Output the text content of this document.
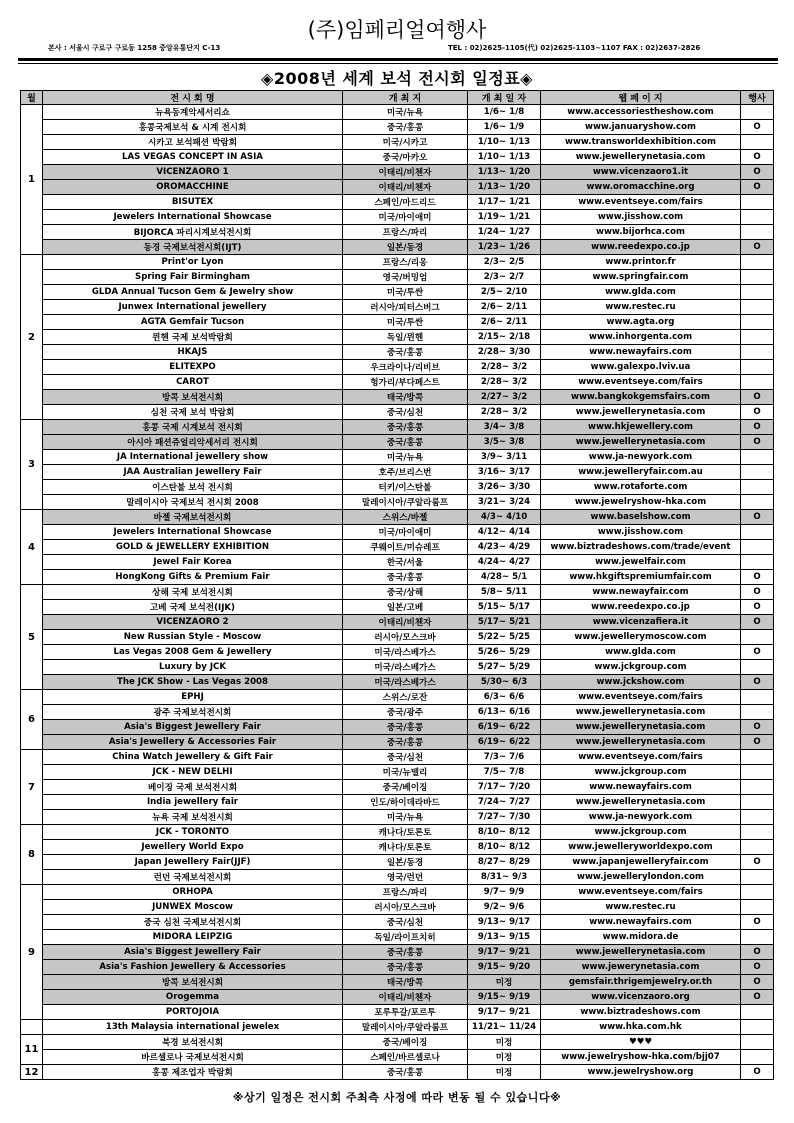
(주)임페리얼여행사
본사 : 서울시 구로구 구로동 1258 중앙유통단지 C-13	TEL : 02)2625-1105(代) 02)2625-1103~1107 FAX : 02)2637-2826
◈2008년 세계 보석 전시회 일정표◈
월	전 시 회 명	개 최 지	개 최 일 자	웹 페 이 지	행사
1	뉴욕동계악세서리쇼	미국/뉴욕	1/6~ 1/8	www.accessoriestheshow.com	
	홍콩국제보석 & 시계 전시회	중국/홍콩	1/6~ 1/9	www.januaryshow.com	O
	시카고 보석패션 박람회	미국/시카고	1/10~ 1/13	www.transworldexhibition.com	
	LAS VEGAS CONCEPT IN ASIA	중국/마카오	1/10~ 1/13	www.jewellerynetasia.com	O
	VICENZAORO 1	이태리/비첸자	1/13~ 1/20	www.vicenzaoro1.it	O
	OROMACCHINE	이태리/비첸자	1/13~ 1/20	www.oromacchine.org	O
	BISUTEX	스페인/마드리드	1/17~ 1/21	www.eventseye.com/fairs	
	Jewelers International Showcase	미국/마이애미	1/19~ 1/21	www.jisshow.com	
	BIJORCA 파리시계보석전시회	프랑스/파리	1/24~ 1/27	www.bijorhca.com	
	동경 국제보석전시회(IJT)	일본/동경	1/23~ 1/26	www.reedexpo.co.jp	O
2	Print'or Lyon	프랑스/리옹	2/3~ 2/5	www.printor.fr	
	Spring Fair Birmingham	영국/버밍엄	2/3~ 2/7	www.springfair.com	
	GLDA Annual Tucson Gem & Jewelry show	미국/투싼	2/5~ 2/10	www.glda.com	
	Junwex International jewellery	러시아/피터스버그	2/6~ 2/11	www.restec.ru	
	AGTA Gemfair Tucson	미국/투싼	2/6~ 2/11	www.agta.org	
	뮌헨 국제 보석박람회	독일/뮌헨	2/15~ 2/18	www.inhorgenta.com	
	HKAJS	중국/홍콩	2/28~ 3/30	www.newayfairs.com	
	ELITEXPO	우크라이나/리비브	2/28~ 3/2	www.galexpo.lviv.ua	
	CAROT	헝가리/부다페스트	2/28~ 3/2	www.eventseye.com/fairs	
	방콕 보석전시회	태국/방콕	2/27~ 3/2	www.bangkokgemsfairs.com	O
	심천 국제 보석 박람회	중국/심천	2/28~ 3/2	www.jewellerynetasia.com	O
3	홍콩 국제 시계보석 전시회	중국/홍콩	3/4~ 3/8	www.hkjewellery.com	O
	아시아 패션쥬얼리악세서리 전시회	중국/홍콩	3/5~ 3/8	www.jewellerynetasia.com	O
	JA International jewellery show	미국/뉴욕	3/9~ 3/11	www.ja-newyork.com	
	JAA Australian Jewellery Fair	호주/브리스번	3/16~ 3/17	www.jewelleryfair.com.au	
	이스탄불 보석 전시회	터키/이스탄불	3/26~ 3/30	www.rotaforte.com	
	말레이시아 국제보석 전시회 2008	말레이시아/쿠알라룸프	3/21~ 3/24	www.jewelryshow-hka.com	
4	바젤 국제보석전시회	스위스/바젤	4/3~ 4/10	www.baselshow.com	O
	Jewelers International Showcase	미국/마이애미	4/12~ 4/14	www.jisshow.com	
	GOLD & JEWELLERY EXHIBITION	쿠웨이트/미슈레프	4/23~ 4/29	www.biztradeshows.com/trade/event	
	Jewel Fair Korea	한국/서울	4/24~ 4/27	www.jewelfair.com	
	HongKong Gifts & Premium Fair	중국/홍콩	4/28~ 5/1	www.hkgiftspremiumfair.com	O
5	상해 국제 보석전시회	중국/상해	5/8~ 5/11	www.newayfair.com	O
	고베 국제 보석전(IJK)	일본/고베	5/15~ 5/17	www.reedexpo.co.jp	O
	VICENZAORO 2	이태리/비첸자	5/17~ 5/21	www.vicenzafiera.it	O
	New Russian Style - Moscow	러시아/모스크바	5/22~ 5/25	www.jewellerymoscow.com	
	Las Vegas 2008 Gem & Jewellery	미국/라스베가스	5/26~ 5/29	www.glda.com	O
	Luxury by JCK	미국/라스베가스	5/27~ 5/29	www.jckgroup.com	
	The JCK Show - Las Vegas 2008	미국/라스베가스	5/30~ 6/3	www.jckshow.com	O
6	EPHJ	스위스/로잔	6/3~ 6/6	www.eventseye.com/fairs	
	광주 국제보석전시회	중국/광주	6/13~ 6/16	www.jewellerynetasia.com	
	Asia's Biggest Jewellery Fair	중국/홍콩	6/19~ 6/22	www.jewellerynetasia.com	O
	Asia's Jewellery & Accessories Fair	중국/홍콩	6/19~ 6/22	www.jewellerynetasia.com	O
7	China Watch Jewellery & Gift Fair	중국/심천	7/3~ 7/6	www.eventseye.com/fairs	
	JCK - NEW DELHI	미국/뉴델리	7/5~ 7/8	www.jckgroup.com	
	베이징 국제 보석전시회	중국/베이징	7/17~ 7/20	www.newayfairs.com	
	India jewellery fair	인도/하이데라바드	7/24~ 7/27	www.jewellerynetasia.com	
	뉴욕 국제 보석전시회	미국/뉴욕	7/27~ 7/30	www.ja-newyork.com	
8	JCK - TORONTO	캐나다/토론토	8/10~ 8/12	www.jckgroup.com	
	Jewellery World Expo	캐나다/토론토	8/10~ 8/12	www.jewelleryworldexpo.com	
	Japan Jewellery Fair(JJF)	일본/동경	8/27~ 8/29	www.japanjewelleryfair.com	O
	런던 국제보석전시회	영국/런던	8/31~ 9/3	www.jewellerylondon.com	
9	ORHOPA	프랑스/파리	9/7~ 9/9	www.eventseye.com/fairs	
	JUNWEX Moscow	러시아/모스크바	9/2~ 9/6	www.restec.ru	
	중국 심천 국제보석전시회	중국/심천	9/13~ 9/17	www.newayfairs.com	O
	MIDORA LEIPZIG	독일/라이프치히	9/13~ 9/15	www.midora.de	
	Asia's Biggest Jewellery Fair	중국/홍콩	9/17~ 9/21	www.jewellerynetasia.com	O
	Asia's Fashion Jewellery & Accessories	중국/홍콩	9/15~ 9/20	www.jewerynetasia.com	O
	방콕 보석전시회	태국/방콕	미정	gemsfair.thrigemjewelry.or.th	O
	Orogemma	이태리/비첸자	9/15~ 9/19	www.vicenzaoro.org	O
	PORTOJOIA	포루투갈/포르투	9/17~ 9/21	www.biztradeshows.com	
	13th Malaysia international jewelex	말레이시아/쿠알라룸프	11/21~ 11/24	www.hka.com.hk	
11	북경 보석전시회	중국/베이징	미정	♥♥♥	
	바르셀로나 국제보석전시회	스페인/바르셀로나	미정	www.jewelryshow-hka.com/bjj07	
12	홍콩 제조업자 박람회	중국/홍콩	미정	www.jewelryshow.org	O
※상기 일정은 전시회 주최측 사정에 따라 변동 될 수 있습니다※
